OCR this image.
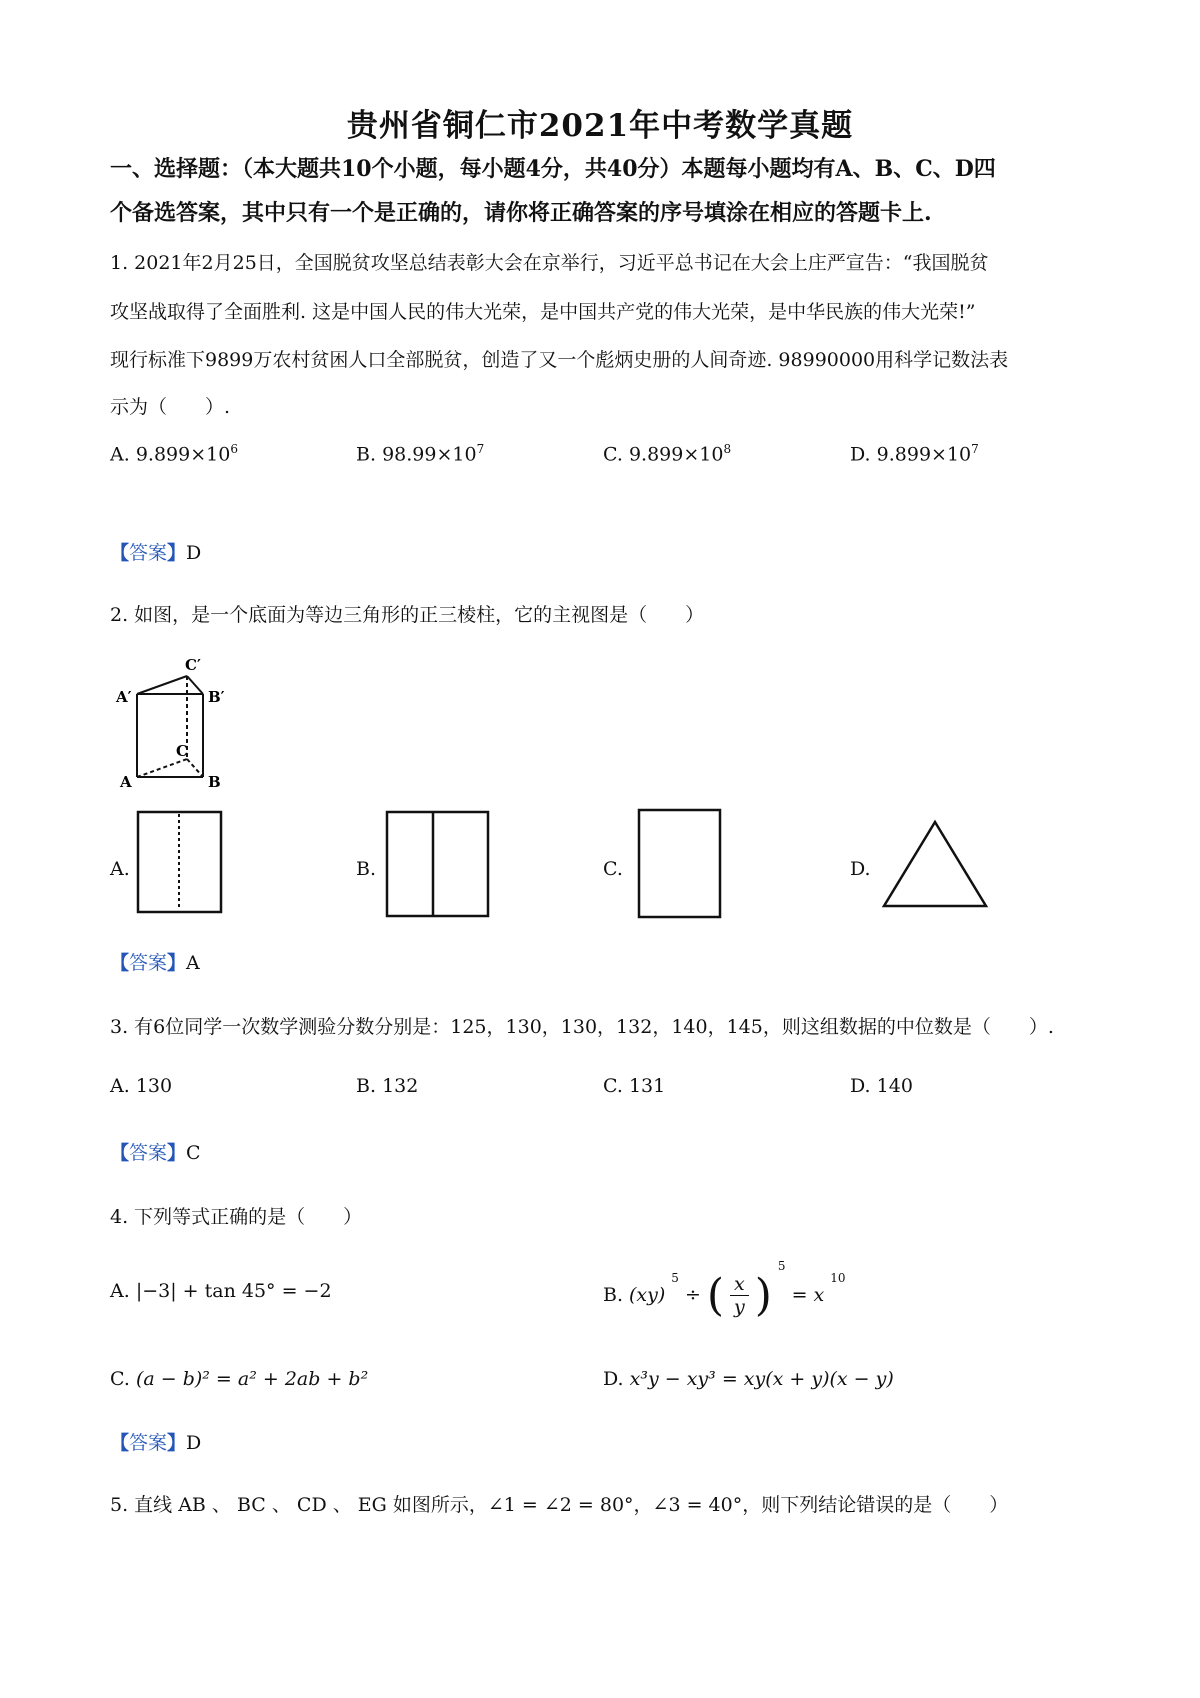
贵州省铜仁市2021年中考数学真题
一、选择题：（本大题共10个小题，每小题4分，共40分）本题每小题均有A、B、C、D四
个备选答案，其中只有一个是正确的，请你将正确答案的序号填涂在相应的答题卡上.
1. 2021年2月25日，全国脱贫攻坚总结表彰大会在京举行，习近平总书记在大会上庄严宣告：“我国脱贫
攻坚战取得了全面胜利. 这是中国人民的伟大光荣，是中国共产党的伟大光荣，是中华民族的伟大光荣!”
现行标准下9899万农村贫困人口全部脱贫，创造了又一个彪炳史册的人间奇迹. 98990000用科学记数法表
示为（　　）.
A. $9.899\times 10^6$	B. $98.99\times 10^7$	C. $9.899\times 10^8$	D. $9.899\times 10^7$
【答案】D
2. 如图，是一个底面为等边三角形的正三棱柱，它的主视图是（　　）
C′
A′	B′
C
A	B
A.	B.	C.	D.
【答案】A
3. 有6位同学一次数学测验分数分别是：125，130，130，132，140，145，则这组数据的中位数是（　　）.
A. 130	B. 132	C. 131	D. 140
【答案】C
4. 下列等式正确的是（　　）
A. |−3| + tan 45° = −2	B. (xy)
$^5$
÷ ( $\frac{x}{y}$ )
$^5$
= x
$^{10}$
C. (a − b)² = a² + 2ab + b²	D. x³y − xy³ = xy(x + y)(x − y)
【答案】D
5. 直线 AB 、 BC 、 CD 、 EG 如图所示，∠1 = ∠2 = 80°，∠3 = 40°，则下列结论错误的是（　　）
